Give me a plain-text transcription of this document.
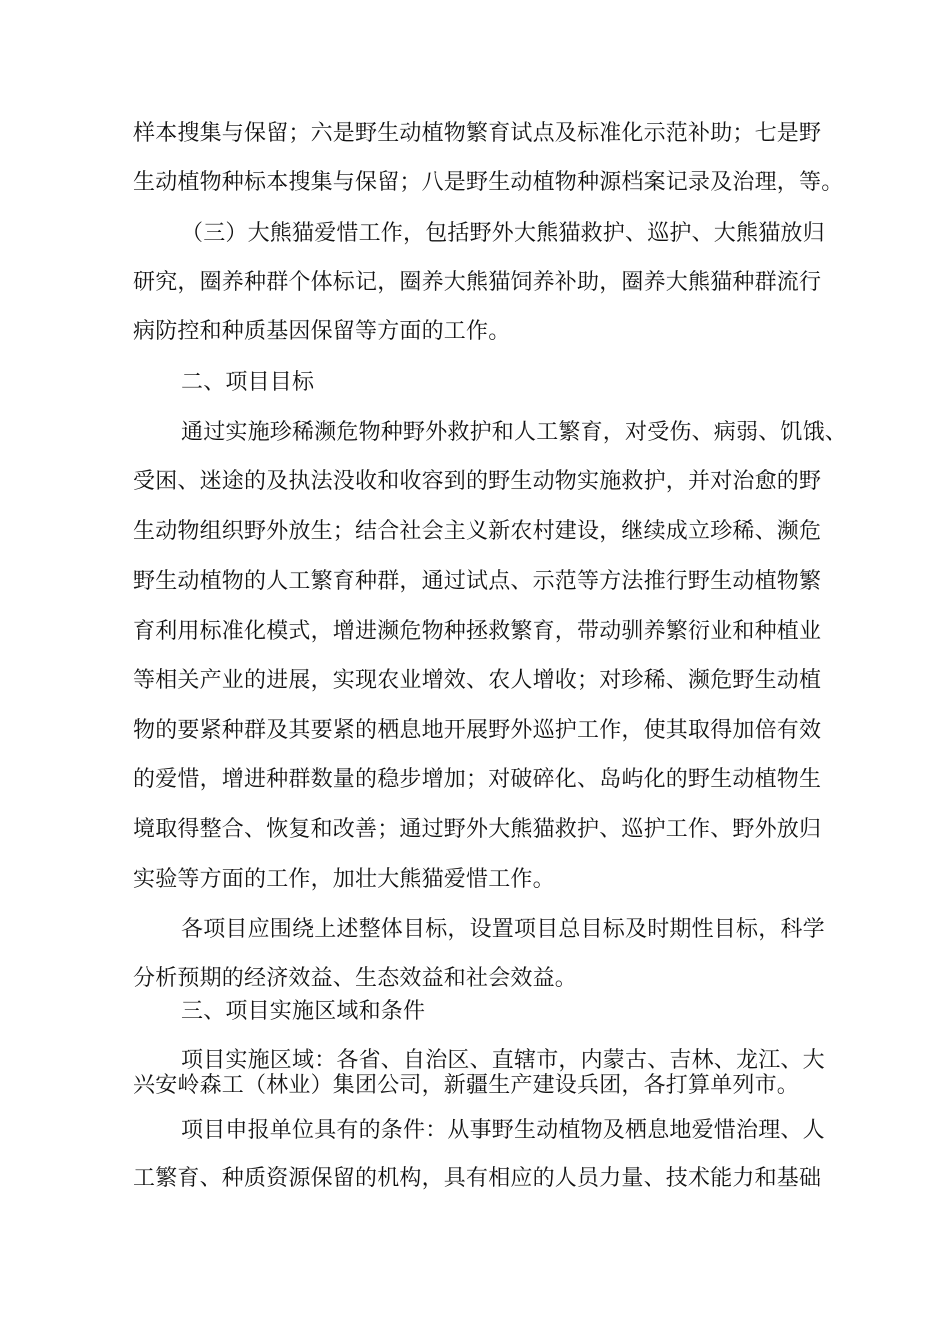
样本搜集与保留；六是野生动植物繁育试点及标准化示范补助；七是野
生动植物种标本搜集与保留；八是野生动植物种源档案记录及治理，等。
（三）大熊猫爱惜工作，包括野外大熊猫救护、巡护、大熊猫放归
研究，圈养种群个体标记，圈养大熊猫饲养补助，圈养大熊猫种群流行
病防控和种质基因保留等方面的工作。
二、项目目标
通过实施珍稀濒危物种野外救护和人工繁育，对受伤、病弱、饥饿、
受困、迷途的及执法没收和收容到的野生动物实施救护，并对治愈的野
生动物组织野外放生；结合社会主义新农村建设，继续成立珍稀、濒危
野生动植物的人工繁育种群，通过试点、示范等方法推行野生动植物繁
育利用标准化模式，增进濒危物种拯救繁育，带动驯养繁衍业和种植业
等相关产业的进展，实现农业增效、农人增收；对珍稀、濒危野生动植
物的要紧种群及其要紧的栖息地开展野外巡护工作，使其取得加倍有效
的爱惜，增进种群数量的稳步增加；对破碎化、岛屿化的野生动植物生
境取得整合、恢复和改善；通过野外大熊猫救护、巡护工作、野外放归
实验等方面的工作，加壮大熊猫爱惜工作。
各项目应围绕上述整体目标，设置项目总目标及时期性目标，科学
分析预期的经济效益、生态效益和社会效益。
三、项目实施区域和条件
项目实施区域：各省、自治区、直辖市，内蒙古、吉林、龙江、大
兴安岭森工（林业）集团公司，新疆生产建设兵团，各打算单列市。
项目申报单位具有的条件：从事野生动植物及栖息地爱惜治理、人
工繁育、种质资源保留的机构，具有相应的人员力量、技术能力和基础
